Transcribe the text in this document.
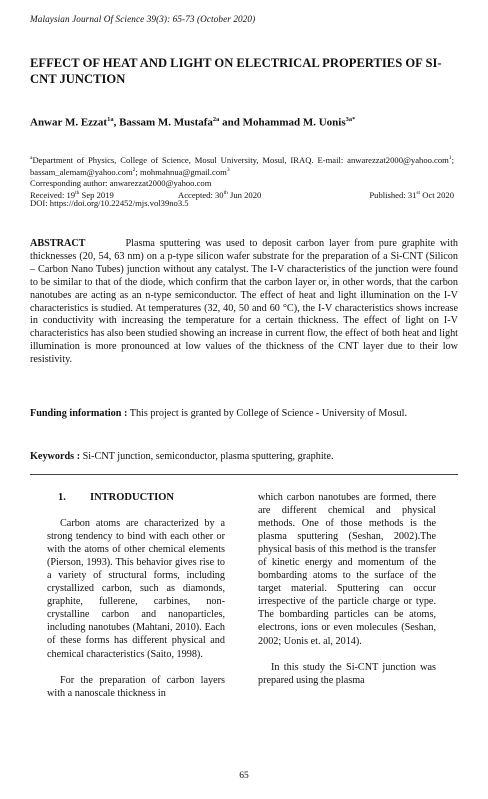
Malaysian Journal Of Science 39(3): 65-73 (October 2020)
EFFECT OF HEAT AND LIGHT ON ELECTRICAL PROPERTIES OF SI-CNT JUNCTION
Anwar M. Ezzat$^{1a}$, Bassam M. Mustafa$^{2a}$ and Mohammad M. Uonis$^{3a*}$
$^a$Department of Physics, College of Science, Mosul University, Mosul, IRAQ. E-mail: anwarezzat2000@yahoo.com$^1$; bassam_alemam@yahoo.com$^2$; mohmahnua@gmail.com$^3$
Corresponding author: anwarezzat2000@yahoo.com
Received: 19th Sep 2019	Accepted: 30th Jun 2020	Published: 31st Oct 2020
DOI: https://doi.org/10.22452/mjs.vol39no3.5

ABSTRACT	Plasma sputtering was used to deposit carbon layer from pure graphite with thicknesses (20, 54, 63 nm) on a p-type silicon wafer substrate for the preparation of a Si-CNT (Silicon – Carbon Nano Tubes) junction without any catalyst. The I-V characteristics of the junction were found to be similar to that of the diode, which confirm that the carbon layer or, in other words, that the carbon nanotubes are acting as an n-type semiconductor. The effect of heat and light illumination on the I-V characteristics is studied. At temperatures (32, 40, 50 and 60 °C), the I-V characteristics shows increase in conductivity with increasing the temperature for a certain thickness. The effect of light on I-V characteristics has also been studied showing an increase in current flow, the effect of both heat and light illumination is more pronounced at low values of the thickness of the CNT layer due to their low resistivity.

Funding information : This project is granted by College of Science - University of Mosul.

Keywords : Si-CNT junction, semiconductor, plasma sputtering, graphite.

1. INTRODUCTION

Carbon atoms are characterized by a strong tendency to bind with each other or with the atoms of other chemical elements (Pierson, 1993). This behavior gives rise to a variety of structural forms, including crystallized carbon, such as diamonds, graphite, fullerene, carbines, non-crystalline carbon and nanoparticles, including nanotubes (Mahtani, 2010). Each of these forms has different physical and chemical characteristics (Saito, 1998).

For the preparation of carbon layers with a nanoscale thickness in

which carbon nanotubes are formed, there are different chemical and physical methods. One of those methods is the plasma sputtering (Seshan, 2002).The physical basis of this method is the transfer of kinetic energy and momentum of the bombarding atoms to the surface of the target material. Sputtering can occur irrespective of the particle charge or type. The bombarding particles can be atoms, electrons, ions or even molecules (Seshan, 2002; Uonis et. al, 2014).

In this study the Si-CNT junction was prepared using the plasma

65
